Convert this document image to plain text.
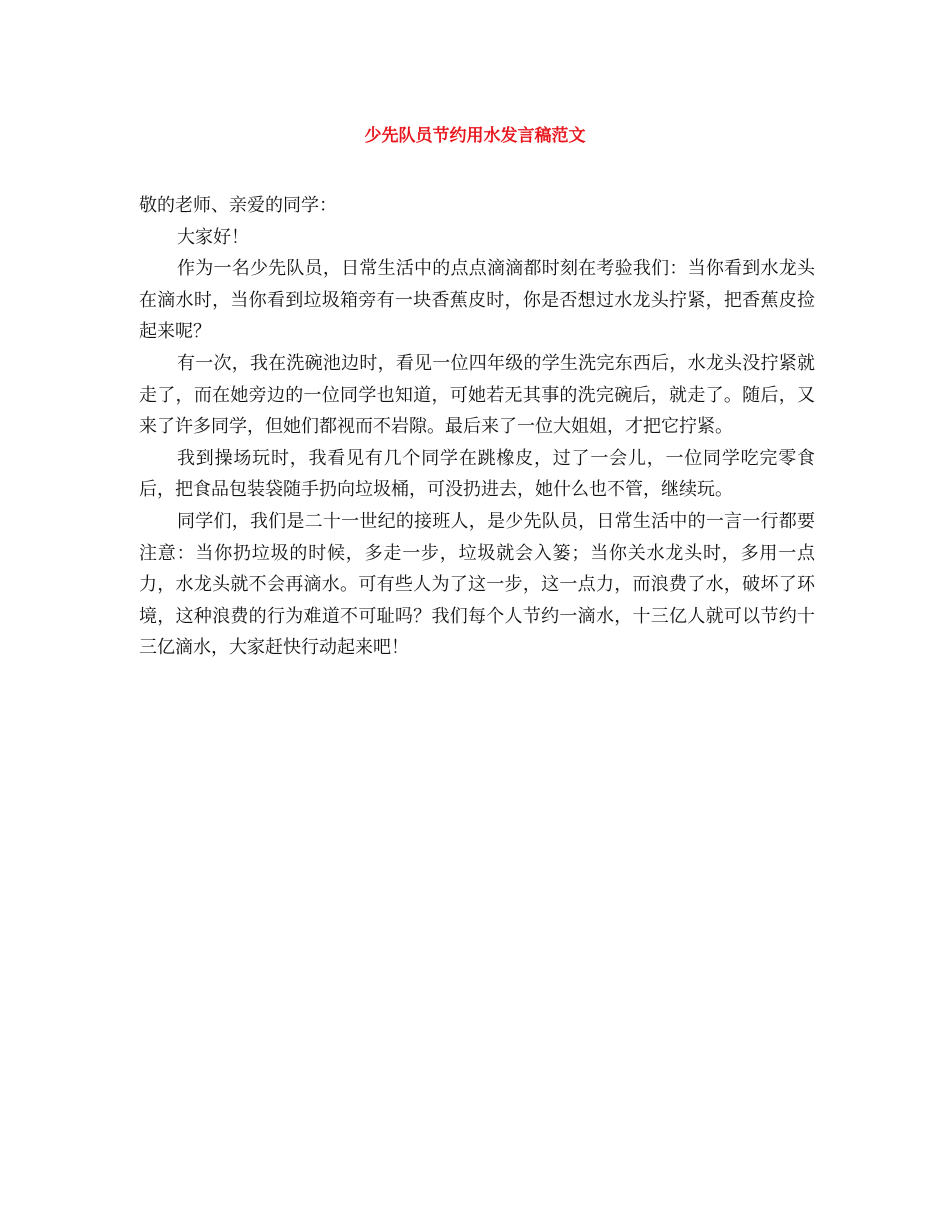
少先队员节约用水发言稿范文

敬的老师、亲爱的同学：

大家好！

作为一名少先队员，日常生活中的点点滴滴都时刻在考验我们：当你看到水龙头在滴水时，当你看到垃圾箱旁有一块香蕉皮时，你是否想过水龙头拧紧，把香蕉皮捡起来呢？

有一次，我在洗碗池边时，看见一位四年级的学生洗完东西后，水龙头没拧紧就走了，而在她旁边的一位同学也知道，可她若无其事的洗完碗后，就走了。随后，又来了许多同学，但她们都视而不岩隙。最后来了一位大姐姐，才把它拧紧。

我到操场玩时，我看见有几个同学在跳橡皮，过了一会儿，一位同学吃完零食后，把食品包装袋随手扔向垃圾桶，可没扔进去，她什么也不管，继续玩。

同学们，我们是二十一世纪的接班人，是少先队员，日常生活中的一言一行都要注意：当你扔垃圾的时候，多走一步，垃圾就会入篓；当你关水龙头时，多用一点力，水龙头就不会再滴水。可有些人为了这一步，这一点力，而浪费了水，破坏了环境，这种浪费的行为难道不可耻吗？我们每个人节约一滴水，十三亿人就可以节约十三亿滴水，大家赶快行动起来吧！
